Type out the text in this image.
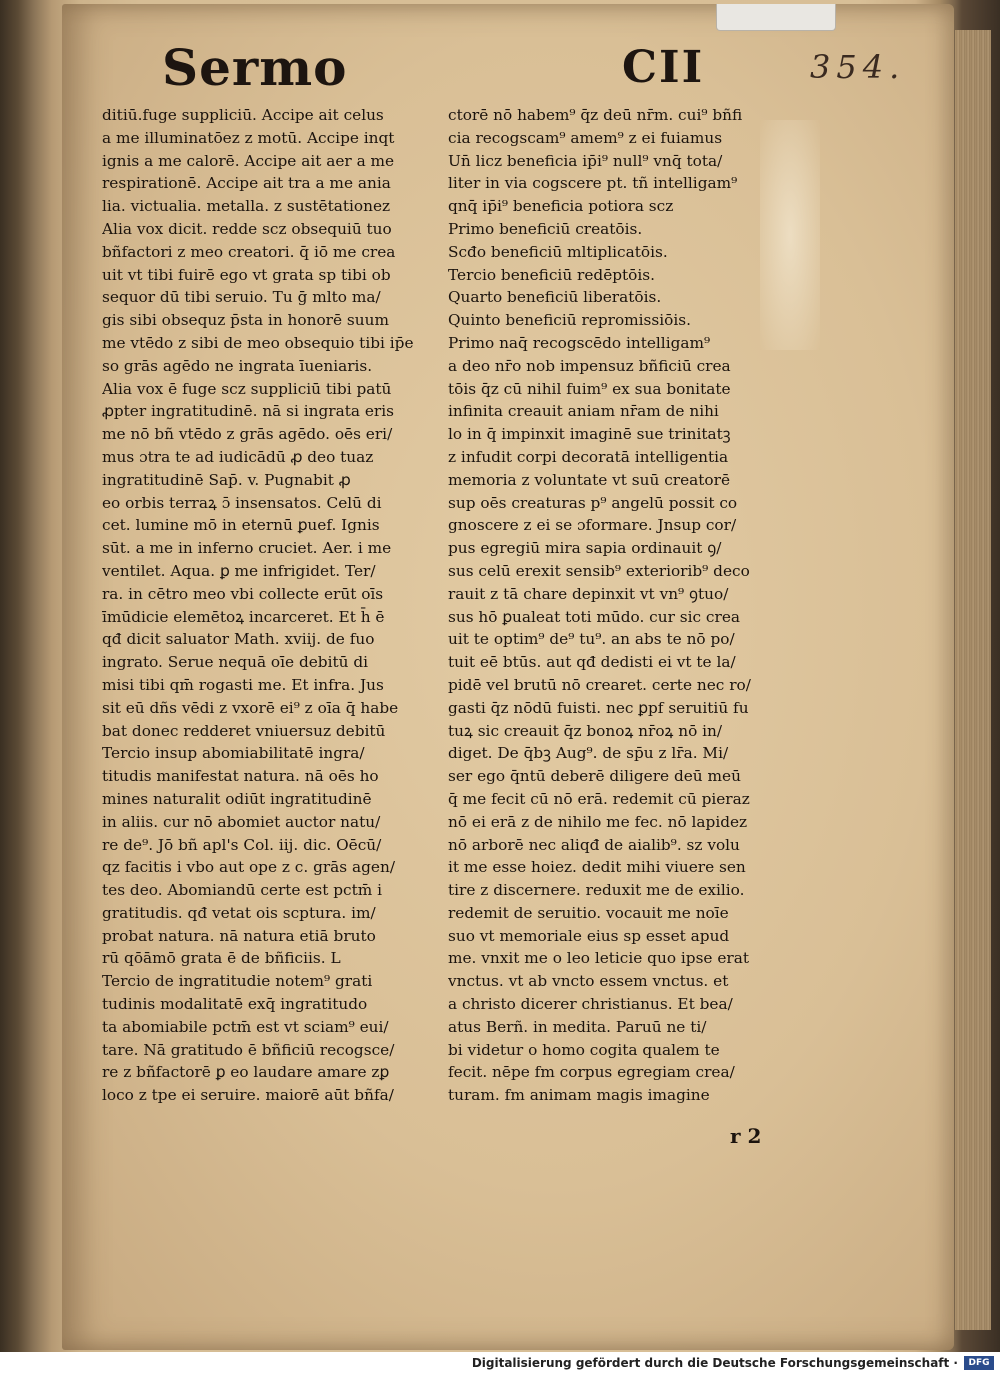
Sermo	CII	354.
ditiū.fuge suppliciū. Accipe ait celus
a me illuminatōez z motū. Accipe inqt
ignis a me calorē. Accipe ait aer a me
respirationē. Accipe ait tra a me ania
lia. victualia. metalla. z sustētationez
Alia vox dicit. redde scz obsequiū tuo
bñfactori z meo creatori. q̄ iō me crea
uit vt tibi fuirē ego vt grata sp tibi ob
sequor dū tibi seruio. Tu ḡ mlto ma/
gis sibi obsequz p̄sta in honorē suum
me vtēdo z sibi de meo obsequio tibi ip̄e
so grās agēdo ne ingrata īueniaris.
Alia vox ē fuge scz suppliciū tibi patū
ꝓpter ingratitudinē. nā si ingrata eris
me nō bñ vtēdo z grās agēdo. oēs eri/
mus ɔtra te ad iudicādū ꝓ deo tuaz
ingratitudinē Sap̄. v. Pugnabit ꝓ
eo orbis terraꝝ ɔ̄ insensatos. Celū di
cet. lumine mō in eternū ꝑuef. Ignis
sūt. a me in inferno cruciet. Aer. i me
ventilet. Aqua. ꝑ me infrigidet. Ter/
ra. in cētro meo vbi collecte erūt oīs
īmūdicie elemētoꝝ incarceret. Et h̄ ē
qđ dicit saluator Math. xviij. de fuo
ingrato. Serue nequā oīe debitū di
misi tibi qm̄ rogasti me. Et infra. Jus
sit eū dñs vēdi z vxorē ei⁹ z oīa q̄ habe
bat donec redderet vniuersuz debitū
Tercio insup abomiabilitatē ingra/
titudis manifestat natura. nā oēs ho
mines naturalit odiūt ingratitudinē
in aliis. cur nō abomiet auctor natu/
re de⁹. Jō bñ apl's Col. iij. dic. Oēcū/
qz facitis i vbo aut ope z c. grās agen/
tes deo. Abomiandū certe est pctm̄ i
gratitudis. qđ vetat ois scptura. im/
probat natura. nā natura etiā bruto
rū qōāmō grata ē de bñficiis. L
Tercio de ingratitudie notem⁹ grati
tudinis modalitatē exq̄ ingratitudo
ta abomiabile pctm̄ est vt sciam⁹ eui/
tare. Nā gratitudo ē bñficiū recogsce/
re z bñfactorē ꝑ eo laudare amare zꝑ
loco z tpe ei seruire. maiorē aūt bñfa/
ctorē nō habem⁹ q̄z deū nr̄m. cui⁹ bñfi
cia recogscam⁹ amem⁹ z ei fuiamus
Un̄ licz beneficia ip̄i⁹ null⁹ vnq̄ tota/
liter in via cogscere pt. tñ intelligam⁹
qnq̄ ip̄i⁹ beneficia potiora scz
Primo beneficiū creatōis.
Scđo beneficiū mltiplicatōis.
Tercio beneficiū redēptōis.
Quarto beneficiū liberatōis.
Quinto beneficiū repromissiōis.
Primo naq̄ recogscēdo intelligam⁹
a deo nr̄o nob impensuz bñficiū crea
tōis q̄z cū nihil fuim⁹ ex sua bonitate
infinita creauit aniam nr̄am de nihi
lo in q̄ impinxit imaginē sue trinitatꝫ
z infudit corpi decoratā intelligentia
memoria z voluntate vt suū creatorē
sup oēs creaturas p⁹ angelū possit co
gnoscere z ei se ɔformare. Jnsup cor/
pus egregiū mira sapia ordinauit ꝯ/
sus celū erexit sensib⁹ exteriorib⁹ deco
rauit z tā chare depinxit vt vn⁹ ꝯtuo/
sus hō ꝑualeat toti mūdo. cur sic crea
uit te optim⁹ de⁹ tu⁹. an abs te nō po/
tuit eē btūs. aut qđ dedisti ei vt te la/
pidē vel brutū nō crearet. certe nec ro/
gasti q̄z nōdū fuisti. nec ꝑpf seruitiū fu
tuꝝ sic creauit q̄z bonoꝝ nr̄oꝝ nō in/
diget. De q̄bꝫ Aug⁹. de sp̄u z lr̄a. Mi/
ser ego q̄ntū deberē diligere deū meū
q̄ me fecit cū nō erā. redemit cū pieraz
nō ei erā z de nihilo me fec. nō lapidez
nō arborē nec aliqđ de aialib⁹. sz volu
it me esse hoiez. dedit mihi viuere sen
tire z discernere. reduxit me de exilio.
redemit de seruitio. vocauit me noīe
suo vt memoriale eius sp esset apud
me. vnxit me o leo leticie quo ipse erat
vnctus. vt ab vncto essem vnctus. et
a christo dicerer christianus. Et bea/
atus Berñ. in medita. Paruū ne ti/
bi videtur o homo cogita qualem te
fecit. nēpe fm corpus egregiam crea/
turam. fm animam magis imagine
r 2
Digitalisierung gefördert durch die Deutsche Forschungsgemeinschaft ·	DFG
